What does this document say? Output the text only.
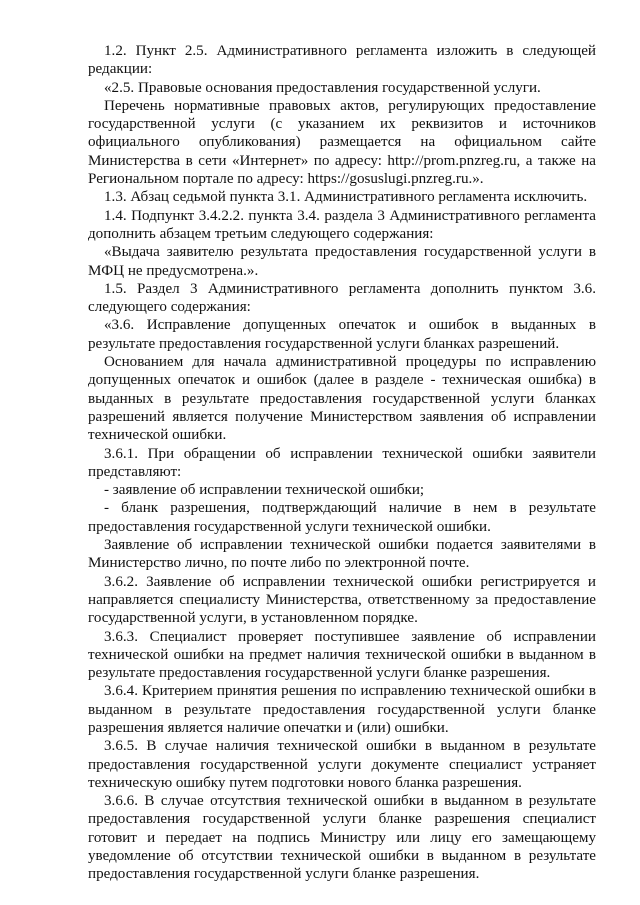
1.2. Пункт 2.5. Административного регламента изложить в следующей редакции:

«2.5. Правовые основания предоставления государственной услуги.

Перечень нормативные правовых актов, регулирующих предоставление государственной услуги (с указанием их реквизитов и источников официального опубликования) размещается на официальном сайте Министерства в сети «Интернет» по адресу: http://prom.pnzreg.ru, а также на Региональном портале по адресу: https://gosuslugi.pnzreg.ru.».

1.3. Абзац седьмой пункта 3.1. Административного регламента исключить.

1.4. Подпункт 3.4.2.2. пункта 3.4. раздела 3 Административного регламента дополнить абзацем третьим следующего содержания:

«Выдача заявителю результата предоставления государственной услуги в МФЦ не предусмотрена.».

1.5. Раздел 3 Административного регламента дополнить пунктом 3.6. следующего содержания:

«3.6. Исправление допущенных опечаток и ошибок в выданных в результате предоставления государственной услуги бланках разрешений.

Основанием для начала административной процедуры по исправлению допущенных опечаток и ошибок (далее в разделе - техническая ошибка) в выданных в результате предоставления государственной услуги бланках разрешений является получение Министерством заявления об исправлении технической ошибки.

3.6.1. При обращении об исправлении технической ошибки заявители представляют:

- заявление об исправлении технической ошибки;

- бланк разрешения, подтверждающий наличие в нем в результате предоставления государственной услуги технической ошибки.

Заявление об исправлении технической ошибки подается заявителями в Министерство лично, по почте либо по электронной почте.

3.6.2. Заявление об исправлении технической ошибки регистрируется и направляется специалисту Министерства, ответственному за предоставление государственной услуги, в установленном порядке.

3.6.3. Специалист проверяет поступившее заявление об исправлении технической ошибки на предмет наличия технической ошибки в выданном в результате предоставления государственной услуги бланке разрешения.

3.6.4. Критерием принятия решения по исправлению технической ошибки в выданном в результате предоставления государственной услуги бланке разрешения является наличие опечатки и (или) ошибки.

3.6.5. В случае наличия технической ошибки в выданном в результате предоставления государственной услуги документе специалист устраняет техническую ошибку путем подготовки нового бланка разрешения.

3.6.6. В случае отсутствия технической ошибки в выданном в результате предоставления государственной услуги бланке разрешения специалист готовит и передает на подпись Министру или лицу его замещающему уведомление об отсутствии технической ошибки в выданном в результате предоставления государственной услуги бланке разрешения.
